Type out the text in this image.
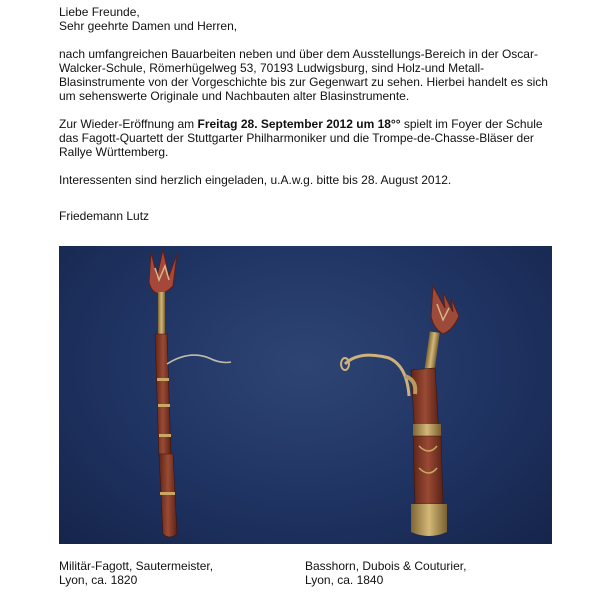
Liebe Freunde,

Sehr geehrte Damen und Herren,

nach umfangreichen Bauarbeiten neben und über dem Ausstellungs-Bereich in der Oscar-Walcker-Schule, Römerhügelweg 53, 70193 Ludwigsburg, sind Holz-und Metall-Blasinstrumente von der Vorgeschichte bis zur Gegenwart zu sehen. Hierbei handelt es sich um sehenswerte Originale und Nachbauten alter Blasinstrumente.

Zur Wieder-Eröffnung am Freitag 28. September 2012 um 18°° spielt im Foyer der Schule das Fagott-Quartett der Stuttgarter Philharmoniker und die Trompe-de-Chasse-Bläser der Rallye Württemberg.

Interessenten sind herzlich eingeladen, u.A.w.g. bitte bis 28. August 2012.

Friedemann Lutz

Militär-Fagott, Sautermeister,
Lyon, ca. 1820
Basshorn, Dubois & Couturier,
Lyon, ca. 1840
